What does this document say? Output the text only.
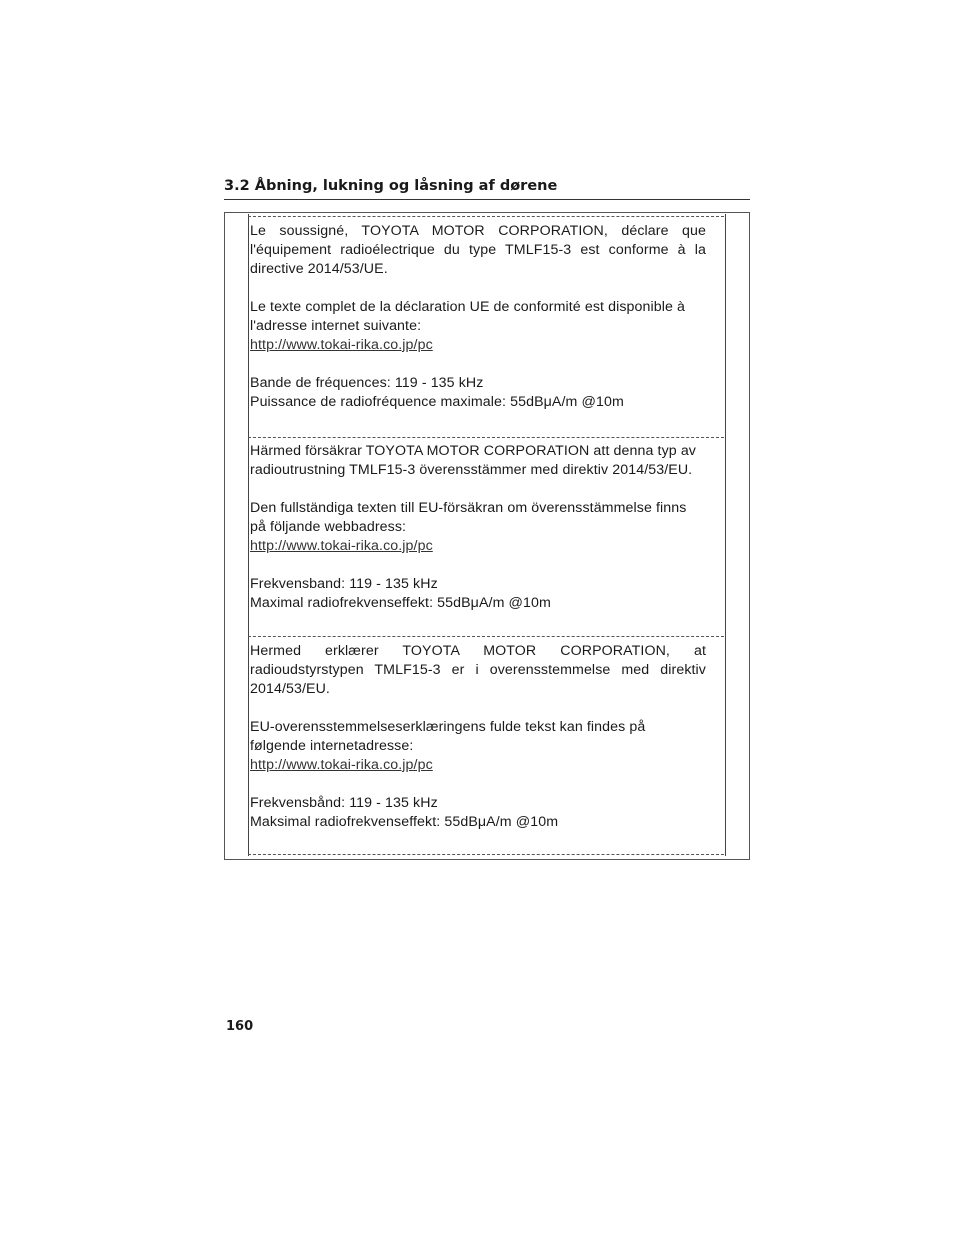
3.2 Åbning, lukning og låsning af dørene

Le soussigné, TOYOTA MOTOR CORPORATION, déclare que

l'équipement radioélectrique du type TMLF15-3 est conforme à la

directive 2014/53/UE.

Le texte complet de la déclaration UE de conformité est disponible à

l'adresse internet suivante:

http://www.tokai-rika.co.jp/pc

Bande de fréquences: 119 - 135 kHz

Puissance de radiofréquence maximale: 55dBμA/m @10m

Härmed försäkrar TOYOTA MOTOR CORPORATION att denna typ av

radioutrustning TMLF15-3 överensstämmer med direktiv 2014/53/EU.

Den fullständiga texten till EU-försäkran om överensstämmelse finns

på följande webbadress:

http://www.tokai-rika.co.jp/pc

Frekvensband: 119 - 135 kHz

Maximal radiofrekvenseffekt: 55dBμA/m @10m

Hermed erklærer TOYOTA MOTOR CORPORATION, at

radioudstyrstypen TMLF15-3 er i overensstemmelse med direktiv

2014/53/EU.

EU-overensstemmelseserklæringens fulde tekst kan findes på

følgende internetadresse:

http://www.tokai-rika.co.jp/pc

Frekvensbånd: 119 - 135 kHz

Maksimal radiofrekvenseffekt: 55dBμA/m @10m

160
